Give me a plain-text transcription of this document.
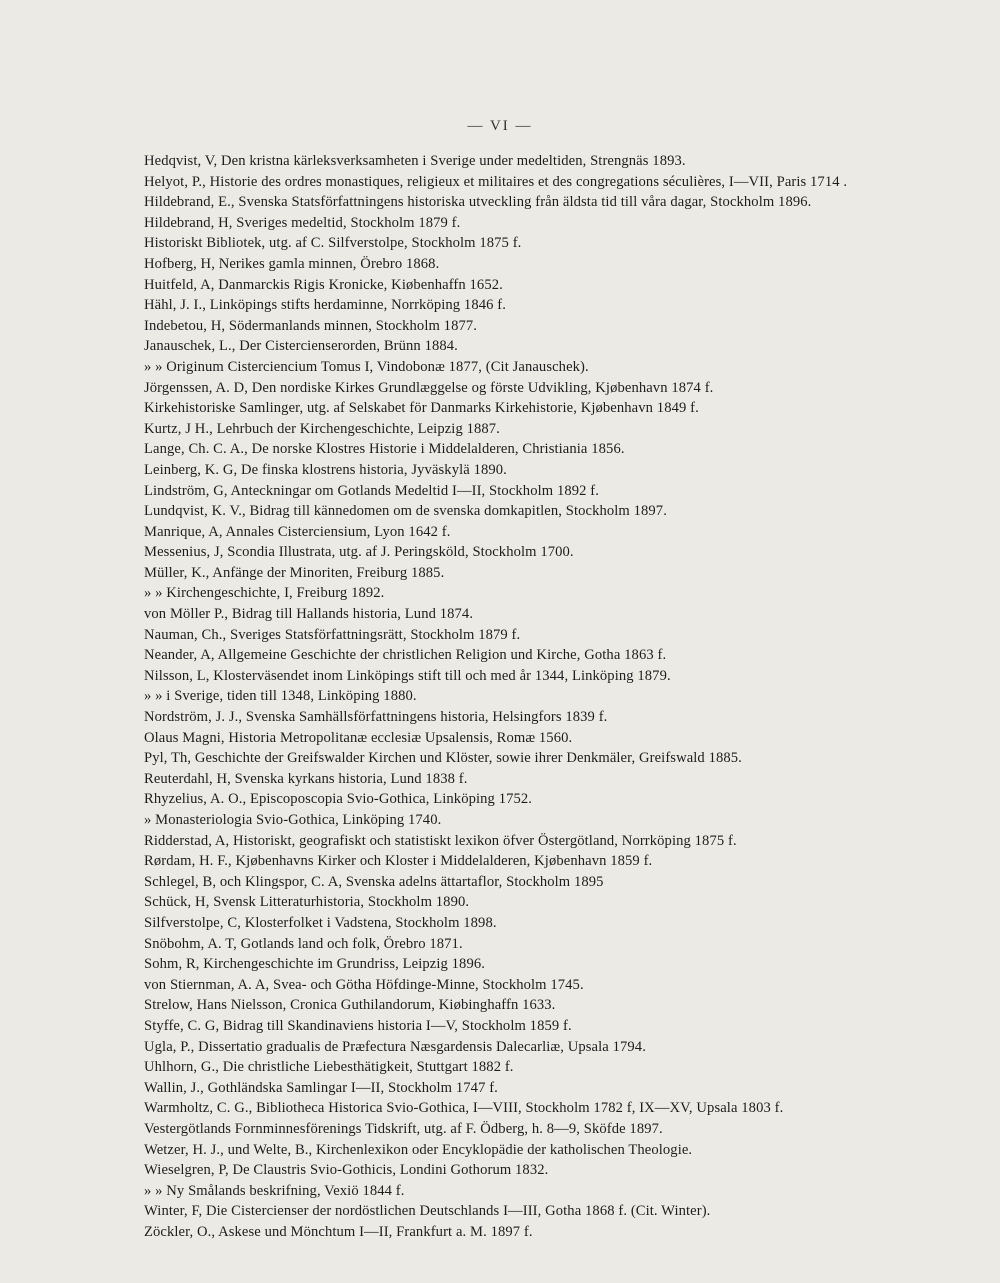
— VI —
Hedqvist, V, Den kristna kärleksverksamheten i Sverige under medeltiden, Strengnäs 1893.
Helyot, P., Historie des ordres monastiques, religieux et militaires et des congregations séculières, I—VII, Paris 1714 .
Hildebrand, E., Svenska Statsförfattningens historiska utveckling från äldsta tid till våra dagar, Stockholm 1896.
Hildebrand, H, Sveriges medeltid, Stockholm 1879 f.
Historiskt Bibliotek, utg. af C. Silfverstolpe, Stockholm 1875 f.
Hofberg, H, Nerikes gamla minnen, Örebro 1868.
Huitfeld, A, Danmarckis Rigis Kronicke, Kiøbenhaffn 1652.
Hähl, J. I., Linköpings stifts herdaminne, Norrköping 1846 f.
Indebetou, H, Södermanlands minnen, Stockholm 1877.
Janauschek, L., Der Cistercienserorden, Brünn 1884.
» » Originum Cisterciencium Tomus I, Vindobonæ 1877, (Cit Janauschek).
Jörgenssen, A. D, Den nordiske Kirkes Grundlæggelse og förste Udvikling, Kjøbenhavn 1874 f.
Kirkehistoriske Samlinger, utg. af Selskabet för Danmarks Kirkehistorie, Kjøbenhavn 1849 f.
Kurtz, J H., Lehrbuch der Kirchengeschichte, Leipzig 1887.
Lange, Ch. C. A., De norske Klostres Historie i Middelalderen, Christiania 1856.
Leinberg, K. G, De finska klostrens historia, Jyväskylä 1890.
Lindström, G, Anteckningar om Gotlands Medeltid I—II, Stockholm 1892 f.
Lundqvist, K. V., Bidrag till kännedomen om de svenska domkapitlen, Stockholm 1897.
Manrique, A, Annales Cisterciensium, Lyon 1642 f.
Messenius, J, Scondia Illustrata, utg. af J. Peringsköld, Stockholm 1700.
Müller, K., Anfänge der Minoriten, Freiburg 1885.
» » Kirchengeschichte, I, Freiburg 1892.
von Möller P., Bidrag till Hallands historia, Lund 1874.
Nauman, Ch., Sveriges Statsförfattningsrätt, Stockholm 1879 f.
Neander, A, Allgemeine Geschichte der christlichen Religion und Kirche, Gotha 1863 f.
Nilsson, L, Klosterväsendet inom Linköpings stift till och med år 1344, Linköping 1879.
» » i Sverige, tiden till 1348, Linköping 1880.
Nordström, J. J., Svenska Samhällsförfattningens historia, Helsingfors 1839 f.
Olaus Magni, Historia Metropolitanæ ecclesiæ Upsalensis, Romæ 1560.
Pyl, Th, Geschichte der Greifswalder Kirchen und Klöster, sowie ihrer Denkmäler, Greifswald 1885.
Reuterdahl, H, Svenska kyrkans historia, Lund 1838 f.
Rhyzelius, A. O., Episcoposcopia Svio-Gothica, Linköping 1752.
» Monasteriologia Svio-Gothica, Linköping 1740.
Ridderstad, A, Historiskt, geografiskt och statistiskt lexikon öfver Östergötland, Norrköping 1875 f.
Rørdam, H. F., Kjøbenhavns Kirker och Kloster i Middelalderen, Kjøbenhavn 1859 f.
Schlegel, B, och Klingspor, C. A, Svenska adelns ättartaflor, Stockholm 1895
Schück, H, Svensk Litteraturhistoria, Stockholm 1890.
Silfverstolpe, C, Klosterfolket i Vadstena, Stockholm 1898.
Snöbohm, A. T, Gotlands land och folk, Örebro 1871.
Sohm, R, Kirchengeschichte im Grundriss, Leipzig 1896.
von Stiernman, A. A, Svea- och Götha Höfdinge-Minne, Stockholm 1745.
Strelow, Hans Nielsson, Cronica Guthilandorum, Kiøbinghaffn 1633.
Styffe, C. G, Bidrag till Skandinaviens historia I—V, Stockholm 1859 f.
Ugla, P., Dissertatio gradualis de Præfectura Næsgardensis Dalecarliæ, Upsala 1794.
Uhlhorn, G., Die christliche Liebesthätigkeit, Stuttgart 1882 f.
Wallin, J., Gothländska Samlingar I—II, Stockholm 1747 f.
Warmholtz, C. G., Bibliotheca Historica Svio-Gothica, I—VIII, Stockholm 1782 f, IX—XV, Upsala 1803 f.
Vestergötlands Fornminnesförenings Tidskrift, utg. af F. Ödberg, h. 8—9, Sköfde 1897.
Wetzer, H. J., und Welte, B., Kirchenlexikon oder Encyklopädie der katholischen Theologie.
Wieselgren, P, De Claustris Svio-Gothicis, Londini Gothorum 1832.
» » Ny Smålands beskrifning, Vexiö 1844 f.
Winter, F, Die Cistercienser der nordöstlichen Deutschlands I—III, Gotha 1868 f. (Cit. Winter).
Zöckler, O., Askese und Mönchtum I—II, Frankfurt a. M. 1897 f.
